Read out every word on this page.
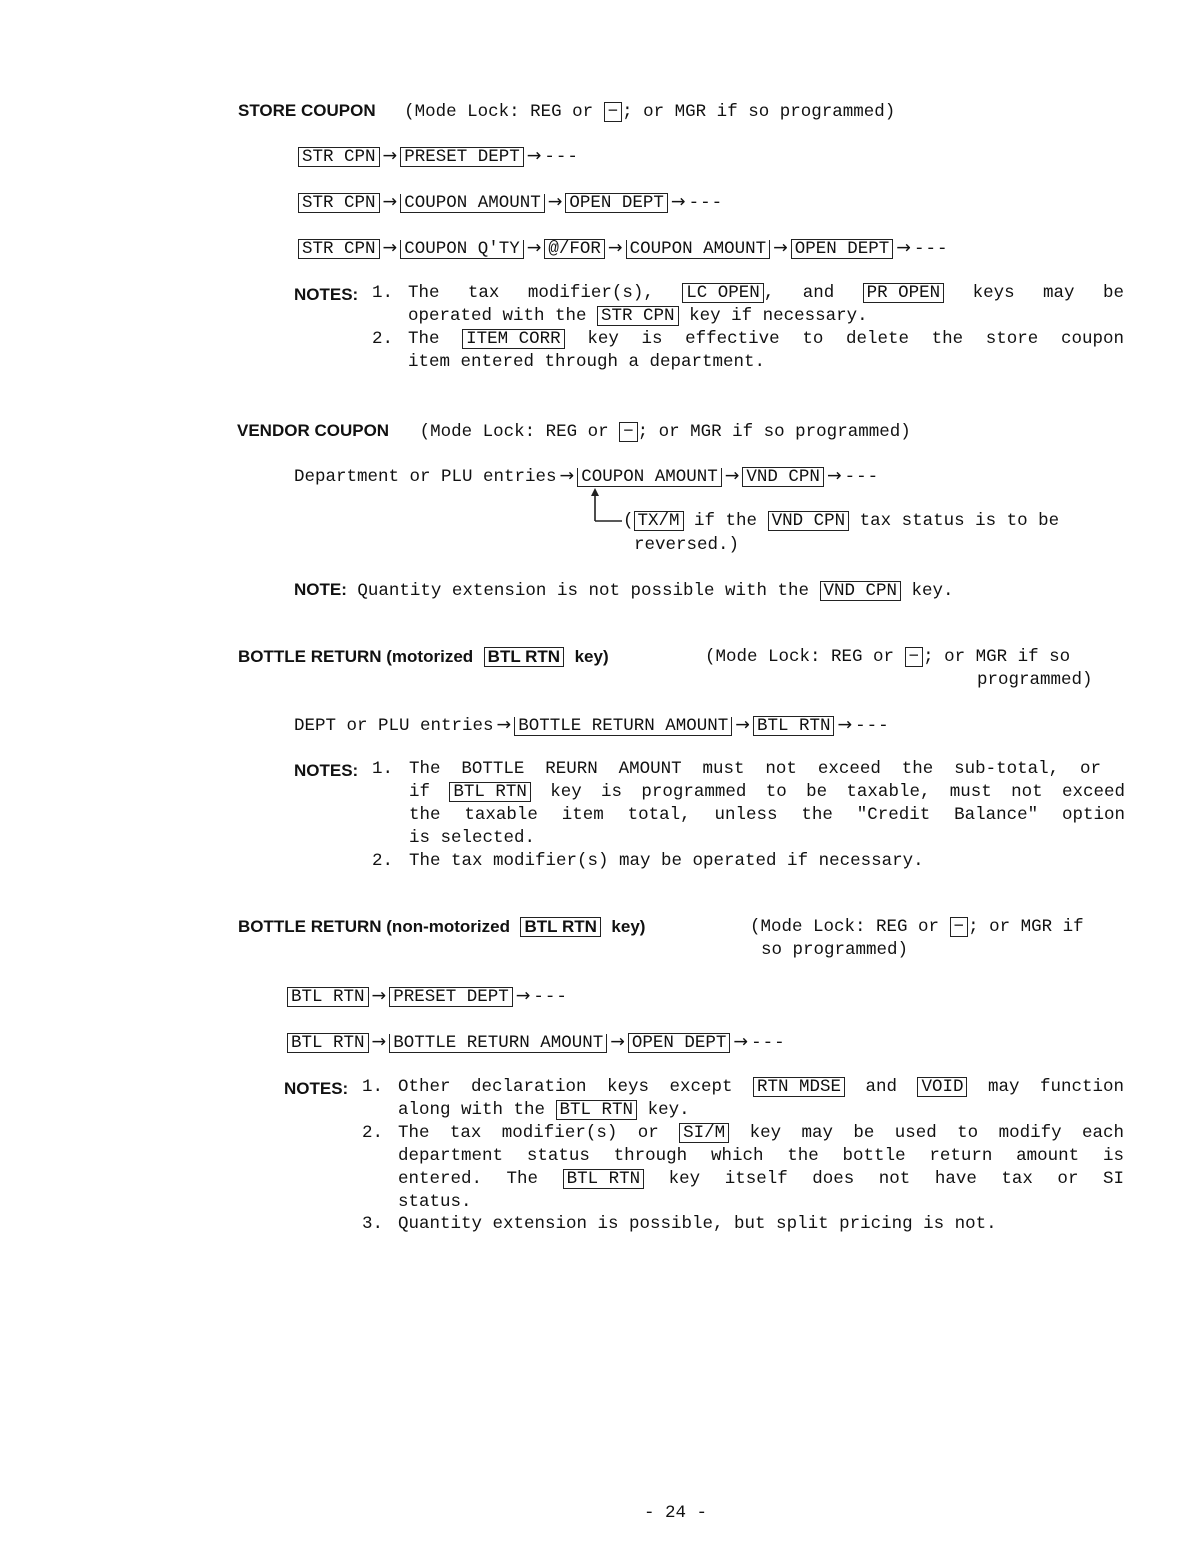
STORE COUPON (Mode Lock: REG or − ; or MGR if so programmed)
STR CPN → PRESET DEPT → ---
STR CPN → COUPON AMOUNT → OPEN DEPT → ---
STR CPN → COUPON Q'TY → @/FOR → COUPON AMOUNT → OPEN DEPT → ---
NOTES: 1. The tax modifier(s), LC OPEN , and PR OPEN keys may be
operated with the STR CPN key if necessary.
2. The ITEM CORR key is effective to delete the store coupon
item entered through a department.
VENDOR COUPON (Mode Lock: REG or − ; or MGR if so programmed)
Department or PLU entries → COUPON AMOUNT → VND CPN → ---
( TX/M if the VND CPN tax status is to be
reversed.)
NOTE: Quantity extension is not possible with the VND CPN key.
BOTTLE RETURN (motorized BTL RTN key)	(Mode Lock: REG or − ; or MGR if so
programmed)
DEPT or PLU entries → BOTTLE RETURN AMOUNT → BTL RTN → ---
NOTES: 1. The BOTTLE REURN AMOUNT must not exceed the sub-total, or
if BTL RTN key is programmed to be taxable, must not exceed
the taxable item total, unless the "Credit Balance" option
is selected.
2. The tax modifier(s) may be operated if necessary.
BOTTLE RETURN (non-motorized BTL RTN key)	(Mode Lock: REG or − ; or MGR if
so programmed)
BTL RTN → PRESET DEPT → ---
BTL RTN → BOTTLE RETURN AMOUNT → OPEN DEPT → ---
NOTES: 1. Other declaration keys except RTN MDSE and VOID may function
along with the BTL RTN key.
2. The tax modifier(s) or SI/M key may be used to modify each
department status through which the bottle return amount is
entered. The BTL RTN key itself does not have tax or SI
status.
3. Quantity extension is possible, but split pricing is not.
- 24 -
